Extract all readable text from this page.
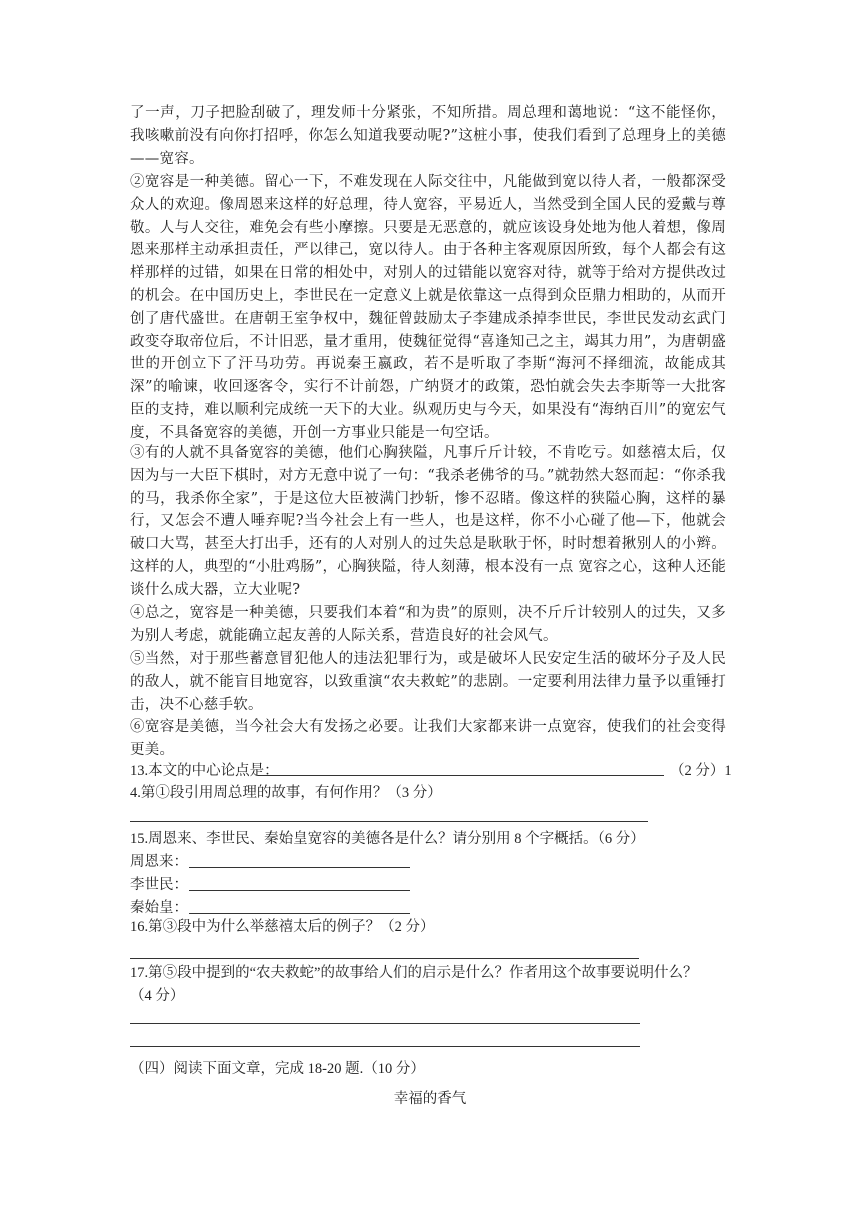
了一声，刀子把脸刮破了，理发师十分紧张，不知所措。周总理和蔼地说：“这不能怪你，我咳嗽前没有向你打招呼，你怎么知道我要动呢?”这桩小事，使我们看到了总理身上的美德——宽容。
②宽容是一种美德。留心一下，不难发现在人际交往中，凡能做到宽以待人者，一般都深受众人的欢迎。像周恩来这样的好总理，待人宽容，平易近人，当然受到全国人民的爱戴与尊敬。人与人交往，难免会有些小摩擦。只要是无恶意的，就应该设身处地为他人着想，像周恩来那样主动承担责任，严以律己，宽以待人。由于各种主客观原因所致，每个人都会有这样那样的过错，如果在日常的相处中，对别人的过错能以宽容对待，就等于给对方提供改过的机会。在中国历史上，李世民在一定意义上就是依靠这一点得到众臣鼎力相助的，从而开创了唐代盛世。在唐朝王室争权中，魏征曾鼓励太子李建成杀掉李世民，李世民发动玄武门政变夺取帝位后，不计旧恶，量才重用，使魏征觉得“喜逢知己之主，竭其力用”，为唐朝盛世的开创立下了汗马功劳。再说秦王嬴政，若不是听取了李斯“海河不择细流，故能成其深”的喻谏，收回逐客令，实行不计前怨，广纳贤才的政策，恐怕就会失去李斯等一大批客臣的支持，难以顺利完成统一天下的大业。纵观历史与今天，如果没有“海纳百川”的宽宏气度，不具备宽容的美德，开创一方事业只能是一句空话。
③有的人就不具备宽容的美德，他们心胸狭隘，凡事斤斤计较，不肯吃亏。如慈禧太后，仅因为与一大臣下棋时，对方无意中说了一句：“我杀老佛爷的马。”就勃然大怒而起：“你杀我的马，我杀你全家”，于是这位大臣被满门抄斩，惨不忍睹。像这样的狭隘心胸，这样的暴行，又怎会不遭人唾弃呢?当今社会上有一些人，也是这样，你不小心碰了他—下，他就会破口大骂，甚至大打出手，还有的人对别人的过失总是耿耿于怀，时时想着揪别人的小辫。这样的人，典型的“小肚鸡肠”，心胸狭隘，待人刻薄，根本没有一点 宽容之心，这种人还能谈什么成大器，立大业呢?
④总之，宽容是一种美德，只要我们本着“和为贵”的原则，决不斤斤计较别人的过失，又多为别人考虑，就能确立起友善的人际关系，营造良好的社会风气。
⑤当然，对于那些蓄意冒犯他人的违法犯罪行为，或是破坏人民安定生活的破坏分子及人民的敌人，就不能盲目地宽容，以致重演“农夫救蛇”的悲剧。一定要利用法律力量予以重锤打击，决不心慈手软。
⑥宽容是美德，当今社会大有发扬之必要。让我们大家都来讲一点宽容，使我们的社会变得更美。
13.本文的中心论点是：	（2 分）1
4.第①段引用周总理的故事，有何作用？（3 分）
15.周恩来、李世民、秦始皇宽容的美德各是什么？请分别用 8 个字概括。（6 分）
周恩来：
李世民：
秦始皇：
16.第③段中为什么举慈禧太后的例子？（2 分）
17.第⑤段中提到的“农夫救蛇”的故事给人们的启示是什么？作者用这个故事要说明什么？
（4 分）
（四）阅读下面文章，完成 18-20 题.（10 分）
幸福的香气
